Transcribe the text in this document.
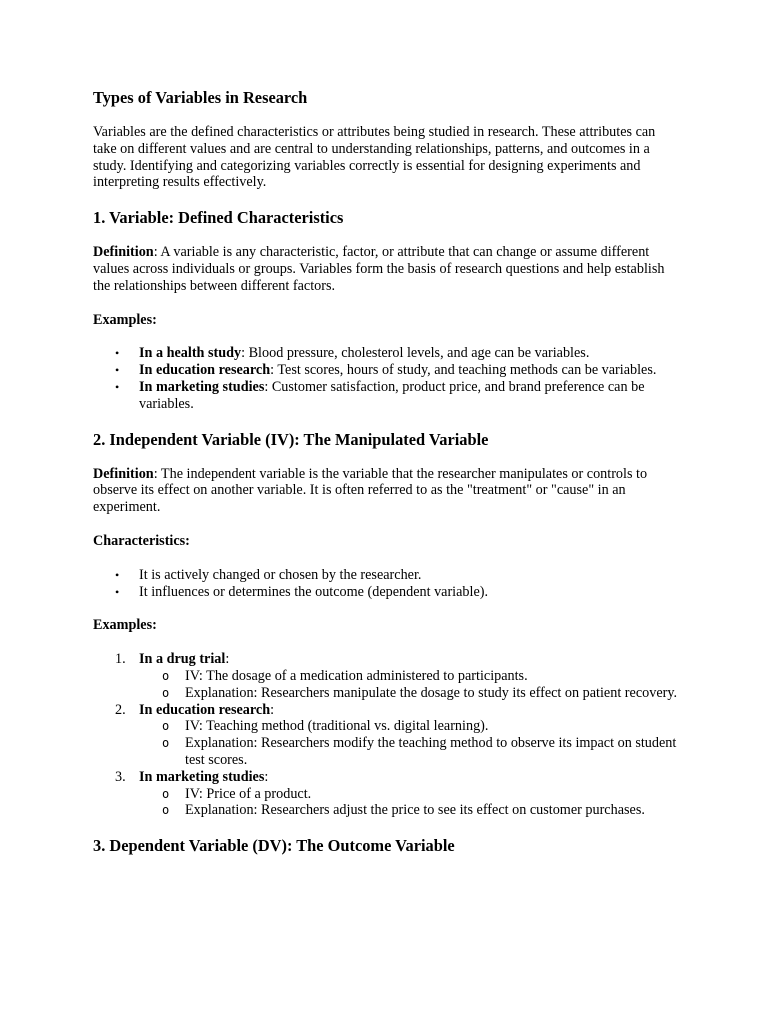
Types of Variables in Research

Variables are the defined characteristics or attributes being studied in research. These attributes can take on different values and are central to understanding relationships, patterns, and outcomes in a study. Identifying and categorizing variables correctly is essential for designing experiments and interpreting results effectively.

1. Variable: Defined Characteristics

Definition: A variable is any characteristic, factor, or attribute that can change or assume different values across individuals or groups. Variables form the basis of research questions and help establish the relationships between different factors.

Examples:

• In a health study: Blood pressure, cholesterol levels, and age can be variables.
• In education research: Test scores, hours of study, and teaching methods can be variables.
• In marketing studies: Customer satisfaction, product price, and brand preference can be variables.
2. Independent Variable (IV): The Manipulated Variable

Definition: The independent variable is the variable that the researcher manipulates or controls to observe its effect on another variable. It is often referred to as the "treatment" or "cause" in an experiment.

Characteristics:

• It is actively changed or chosen by the researcher.
• It influences or determines the outcome (dependent variable).

Examples:

1. In a drug trial:
o IV: The dosage of a medication administered to participants.
o Explanation: Researchers manipulate the dosage to study its effect on patient recovery.
2. In education research:
o IV: Teaching method (traditional vs. digital learning).
o Explanation: Researchers modify the teaching method to observe its impact on student test scores.
3. In marketing studies:
o IV: Price of a product.
o Explanation: Researchers adjust the price to see its effect on customer purchases.
3. Dependent Variable (DV): The Outcome Variable
